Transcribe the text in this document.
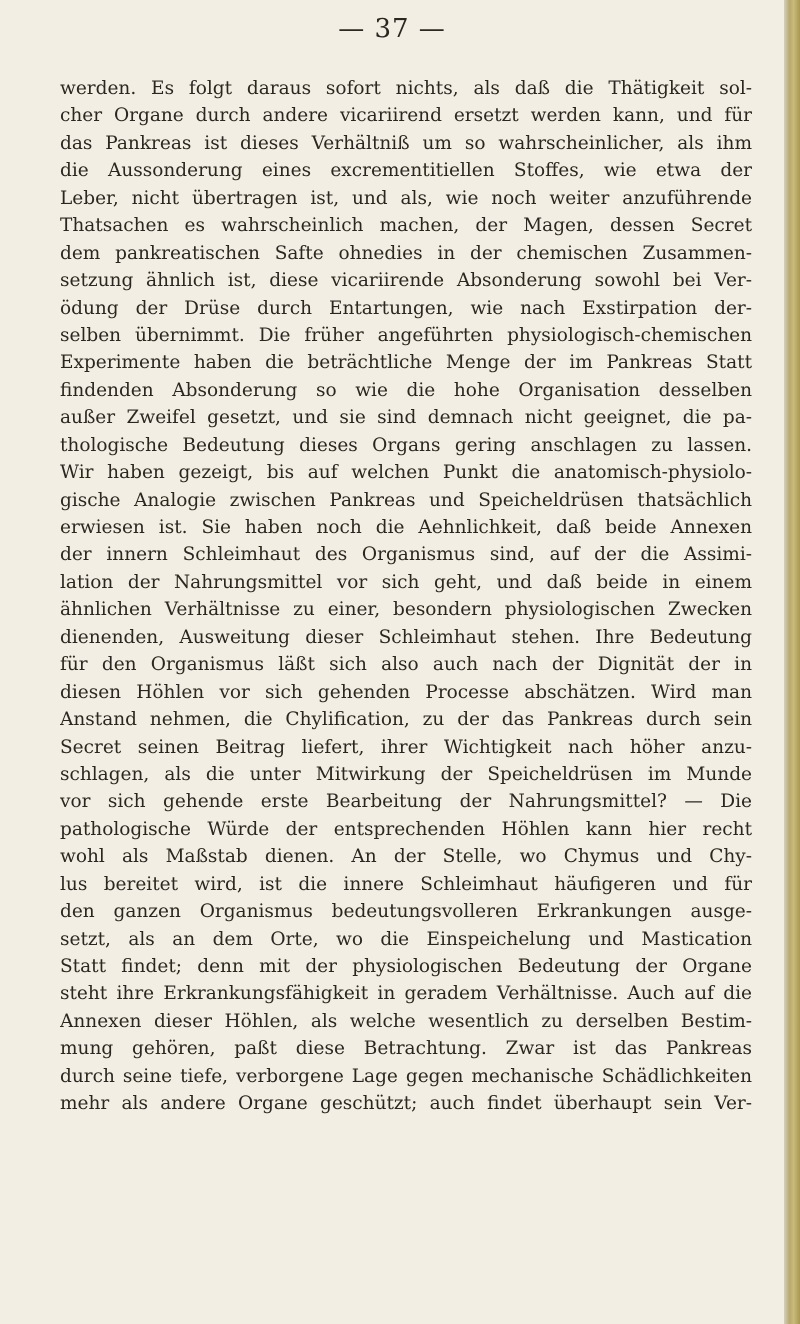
— 37 —
werden. Es folgt daraus sofort nichts, als daß die Thätigkeit sol-
cher Organe durch andere vicariirend ersetzt werden kann, und für
das Pankreas ist dieses Verhältniß um so wahrscheinlicher, als ihm
die Aussonderung eines excrementitiellen Stoffes, wie etwa der
Leber, nicht übertragen ist, und als, wie noch weiter anzuführende
Thatsachen es wahrscheinlich machen, der Magen, dessen Secret
dem pankreatischen Safte ohnedies in der chemischen Zusammen-
setzung ähnlich ist, diese vicariirende Absonderung sowohl bei Ver-
ödung der Drüse durch Entartungen, wie nach Exstirpation der-
selben übernimmt. Die früher angeführten physiologisch-chemischen
Experimente haben die beträchtliche Menge der im Pankreas Statt
findenden Absonderung so wie die hohe Organisation desselben
außer Zweifel gesetzt, und sie sind demnach nicht geeignet, die pa-
thologische Bedeutung dieses Organs gering anschlagen zu lassen.
Wir haben gezeigt, bis auf welchen Punkt die anatomisch-physiolo-
gische Analogie zwischen Pankreas und Speicheldrüsen thatsächlich
erwiesen ist. Sie haben noch die Aehnlichkeit, daß beide Annexen
der innern Schleimhaut des Organismus sind, auf der die Assimi-
lation der Nahrungsmittel vor sich geht, und daß beide in einem
ähnlichen Verhältnisse zu einer, besondern physiologischen Zwecken
dienenden, Ausweitung dieser Schleimhaut stehen. Ihre Bedeutung
für den Organismus läßt sich also auch nach der Dignität der in
diesen Höhlen vor sich gehenden Processe abschätzen. Wird man
Anstand nehmen, die Chylification, zu der das Pankreas durch sein
Secret seinen Beitrag liefert, ihrer Wichtigkeit nach höher anzu-
schlagen, als die unter Mitwirkung der Speicheldrüsen im Munde
vor sich gehende erste Bearbeitung der Nahrungsmittel? — Die
pathologische Würde der entsprechenden Höhlen kann hier recht
wohl als Maßstab dienen. An der Stelle, wo Chymus und Chy-
lus bereitet wird, ist die innere Schleimhaut häufigeren und für
den ganzen Organismus bedeutungsvolleren Erkrankungen ausge-
setzt, als an dem Orte, wo die Einspeichelung und Mastication
Statt findet; denn mit der physiologischen Bedeutung der Organe
steht ihre Erkrankungsfähigkeit in geradem Verhältnisse. Auch auf die
Annexen dieser Höhlen, als welche wesentlich zu derselben Bestim-
mung gehören, paßt diese Betrachtung. Zwar ist das Pankreas
durch seine tiefe, verborgene Lage gegen mechanische Schädlichkeiten
mehr als andere Organe geschützt; auch findet überhaupt sein Ver-
